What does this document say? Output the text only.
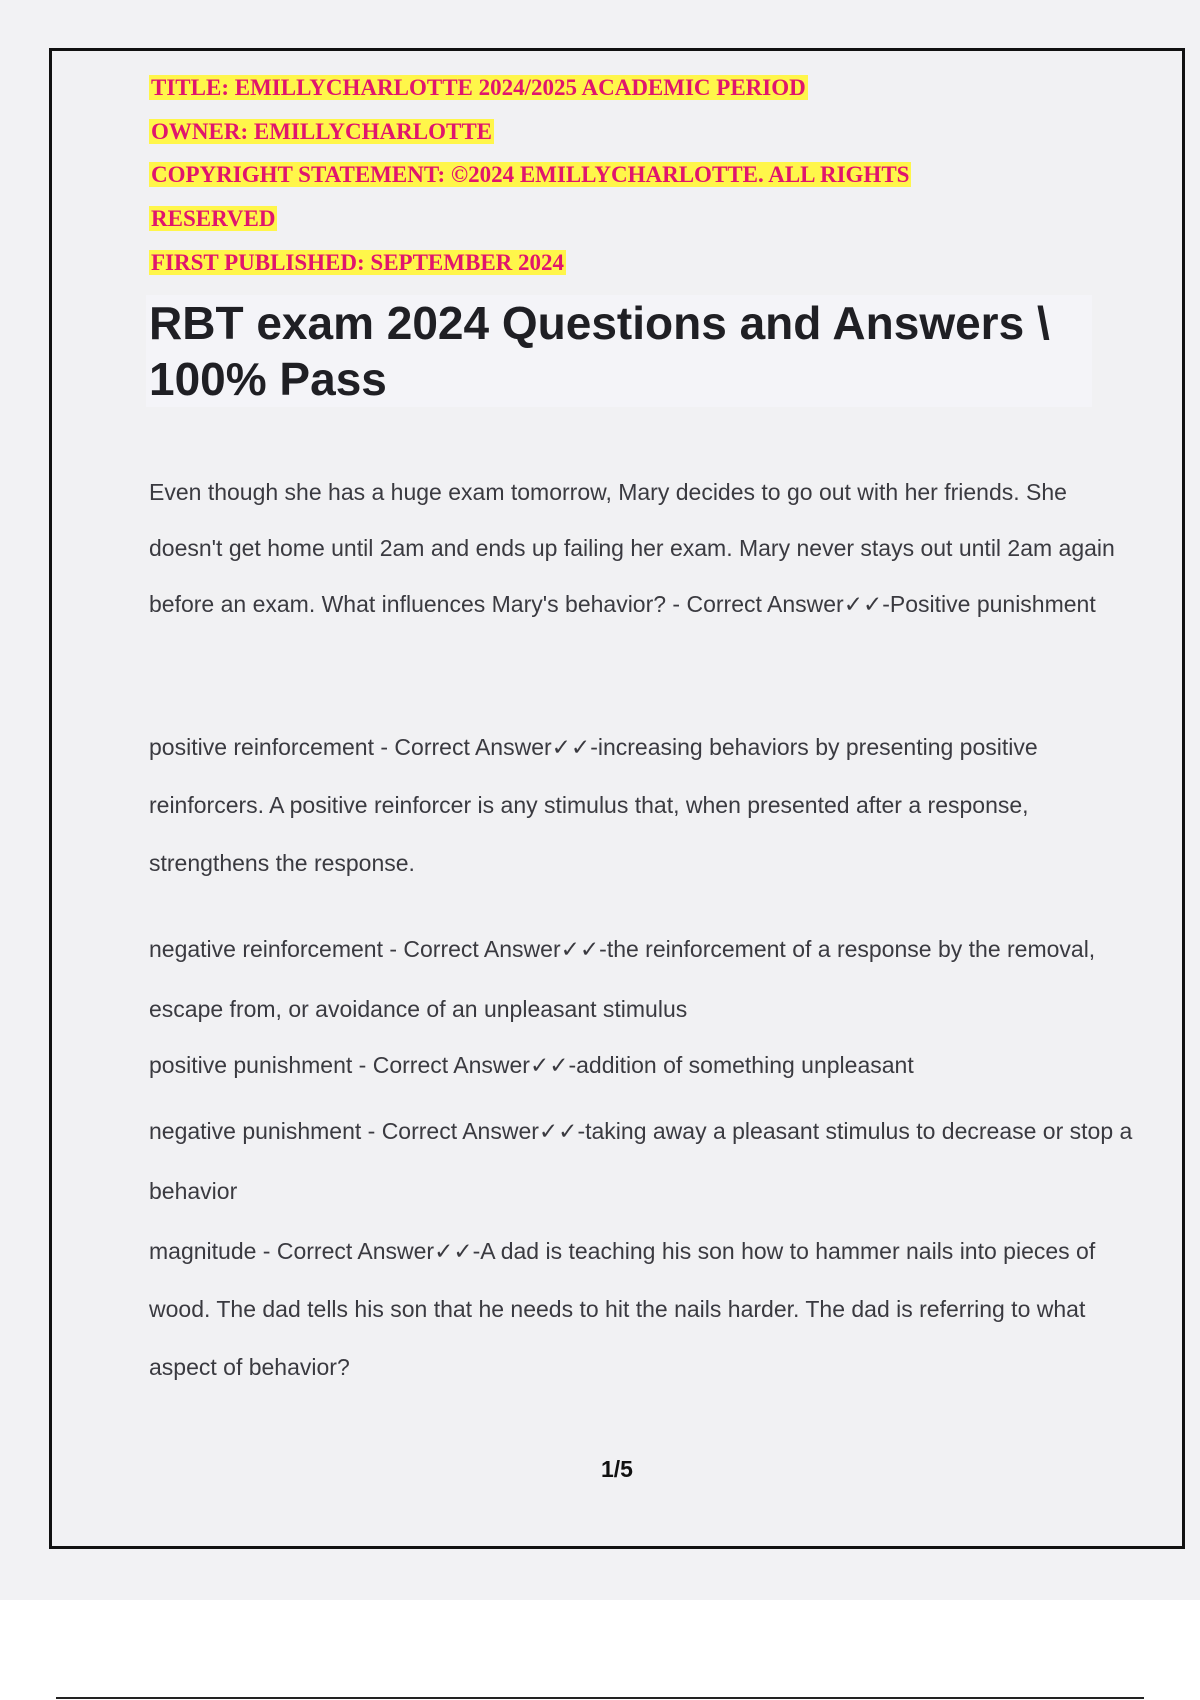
TITLE: EMILLYCHARLOTTE 2024/2025 ACADEMIC PERIOD
OWNER: EMILLYCHARLOTTE
COPYRIGHT STATEMENT: ©2024 EMILLYCHARLOTTE. ALL RIGHTS
RESERVED
FIRST PUBLISHED: SEPTEMBER 2024
RBT exam 2024 Questions and Answers \ 100% Pass

Even though she has a huge exam tomorrow, Mary decides to go out with her friends. She doesn't get home until 2am and ends up failing her exam. Mary never stays out until 2am again before an exam. What influences Mary's behavior? - Correct Answer✓✓-Positive punishment

positive reinforcement - Correct Answer✓✓-increasing behaviors by presenting positive reinforcers. A positive reinforcer is any stimulus that, when presented after a response, strengthens the response.

negative reinforcement - Correct Answer✓✓-the reinforcement of a response by the removal, escape from, or avoidance of an unpleasant stimulus

positive punishment - Correct Answer✓✓-addition of something unpleasant

negative punishment - Correct Answer✓✓-taking away a pleasant stimulus to decrease or stop a behavior

magnitude - Correct Answer✓✓-A dad is teaching his son how to hammer nails into pieces of wood. The dad tells his son that he needs to hit the nails harder. The dad is referring to what aspect of behavior?

1/5
